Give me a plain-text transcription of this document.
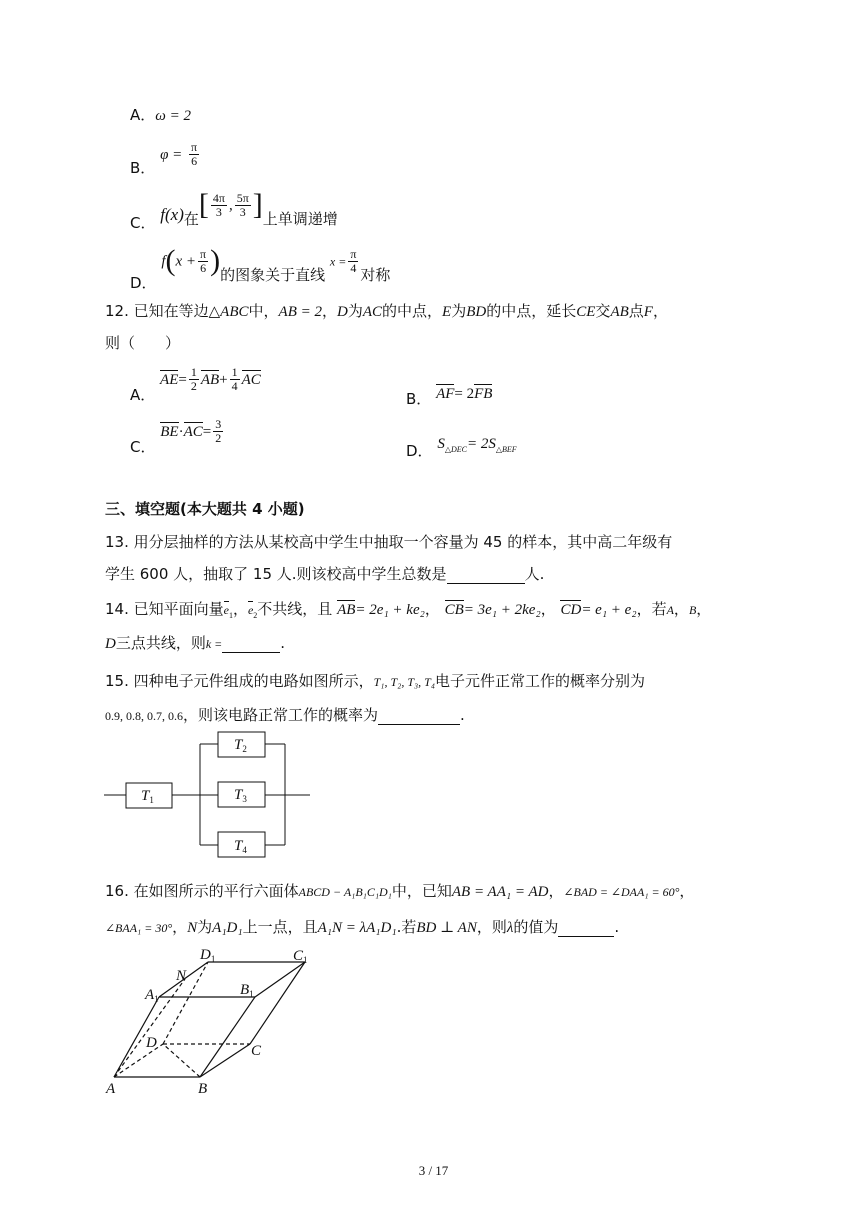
A．ω = 2
B． $\varphi = \frac{\pi}{6}$
C． f(x)在[ $\frac{4\pi}{3}$ , $\frac{5\pi}{3}$ ]上单调递增
D． $f(x + \frac{\pi}{6}$ )的图象关于直线 $x = \frac{\pi}{4}$ 对称
12. 已知在等边△ABC中，AB = 2，D为AC的中点，E为BD的中点，延长CE交AB点F，
则（　　）
A． $AE= \frac{1}{2} AB+ \frac{1}{4}$ AC
B． AF= 2FB
C． $BE\cdot AC= \frac{3}{2}$
D． $S_{\triangle DEC}= 2S_{\triangle BEF}$
三、填空题(本大题共 4 小题)
13. 用分层抽样的方法从某校高中学生中抽取一个容量为 45 的样本，其中高二年级有
学生 600 人，抽取了 15 人.则该校高中学生总数是	人.
14. 已知平面向量$e_1$，$e_2$不共线，且 AB= 2e₁ + ke₂， CB= 3e₁ + 2ke₂， CD= e₁ + e₂，若A，B，
D三点共线，则k =	.
15. 四种电子元件组成的电路如图所示，T₁, T₂, T₃, T₄电子元件正常工作的概率分别为
0.9, 0.8, 0.7, 0.6，则该电路正常工作的概率为	.
$T_1$
$T_2$
$T_3$
$T_4$
16. 在如图所示的平行六面体ABCD − A₁B₁C₁D₁中，已知AB = AA₁ = AD，∠BAD = ∠DAA₁ = 60°，
∠BAA₁ = 30°，N为A₁D₁上一点，且A₁N = λA₁D₁.若BD ⊥ AN，则λ的值为	.
$D_1$	$C_1$
N
$A_1$
$B_1$
D	C
A	B
3 / 17
